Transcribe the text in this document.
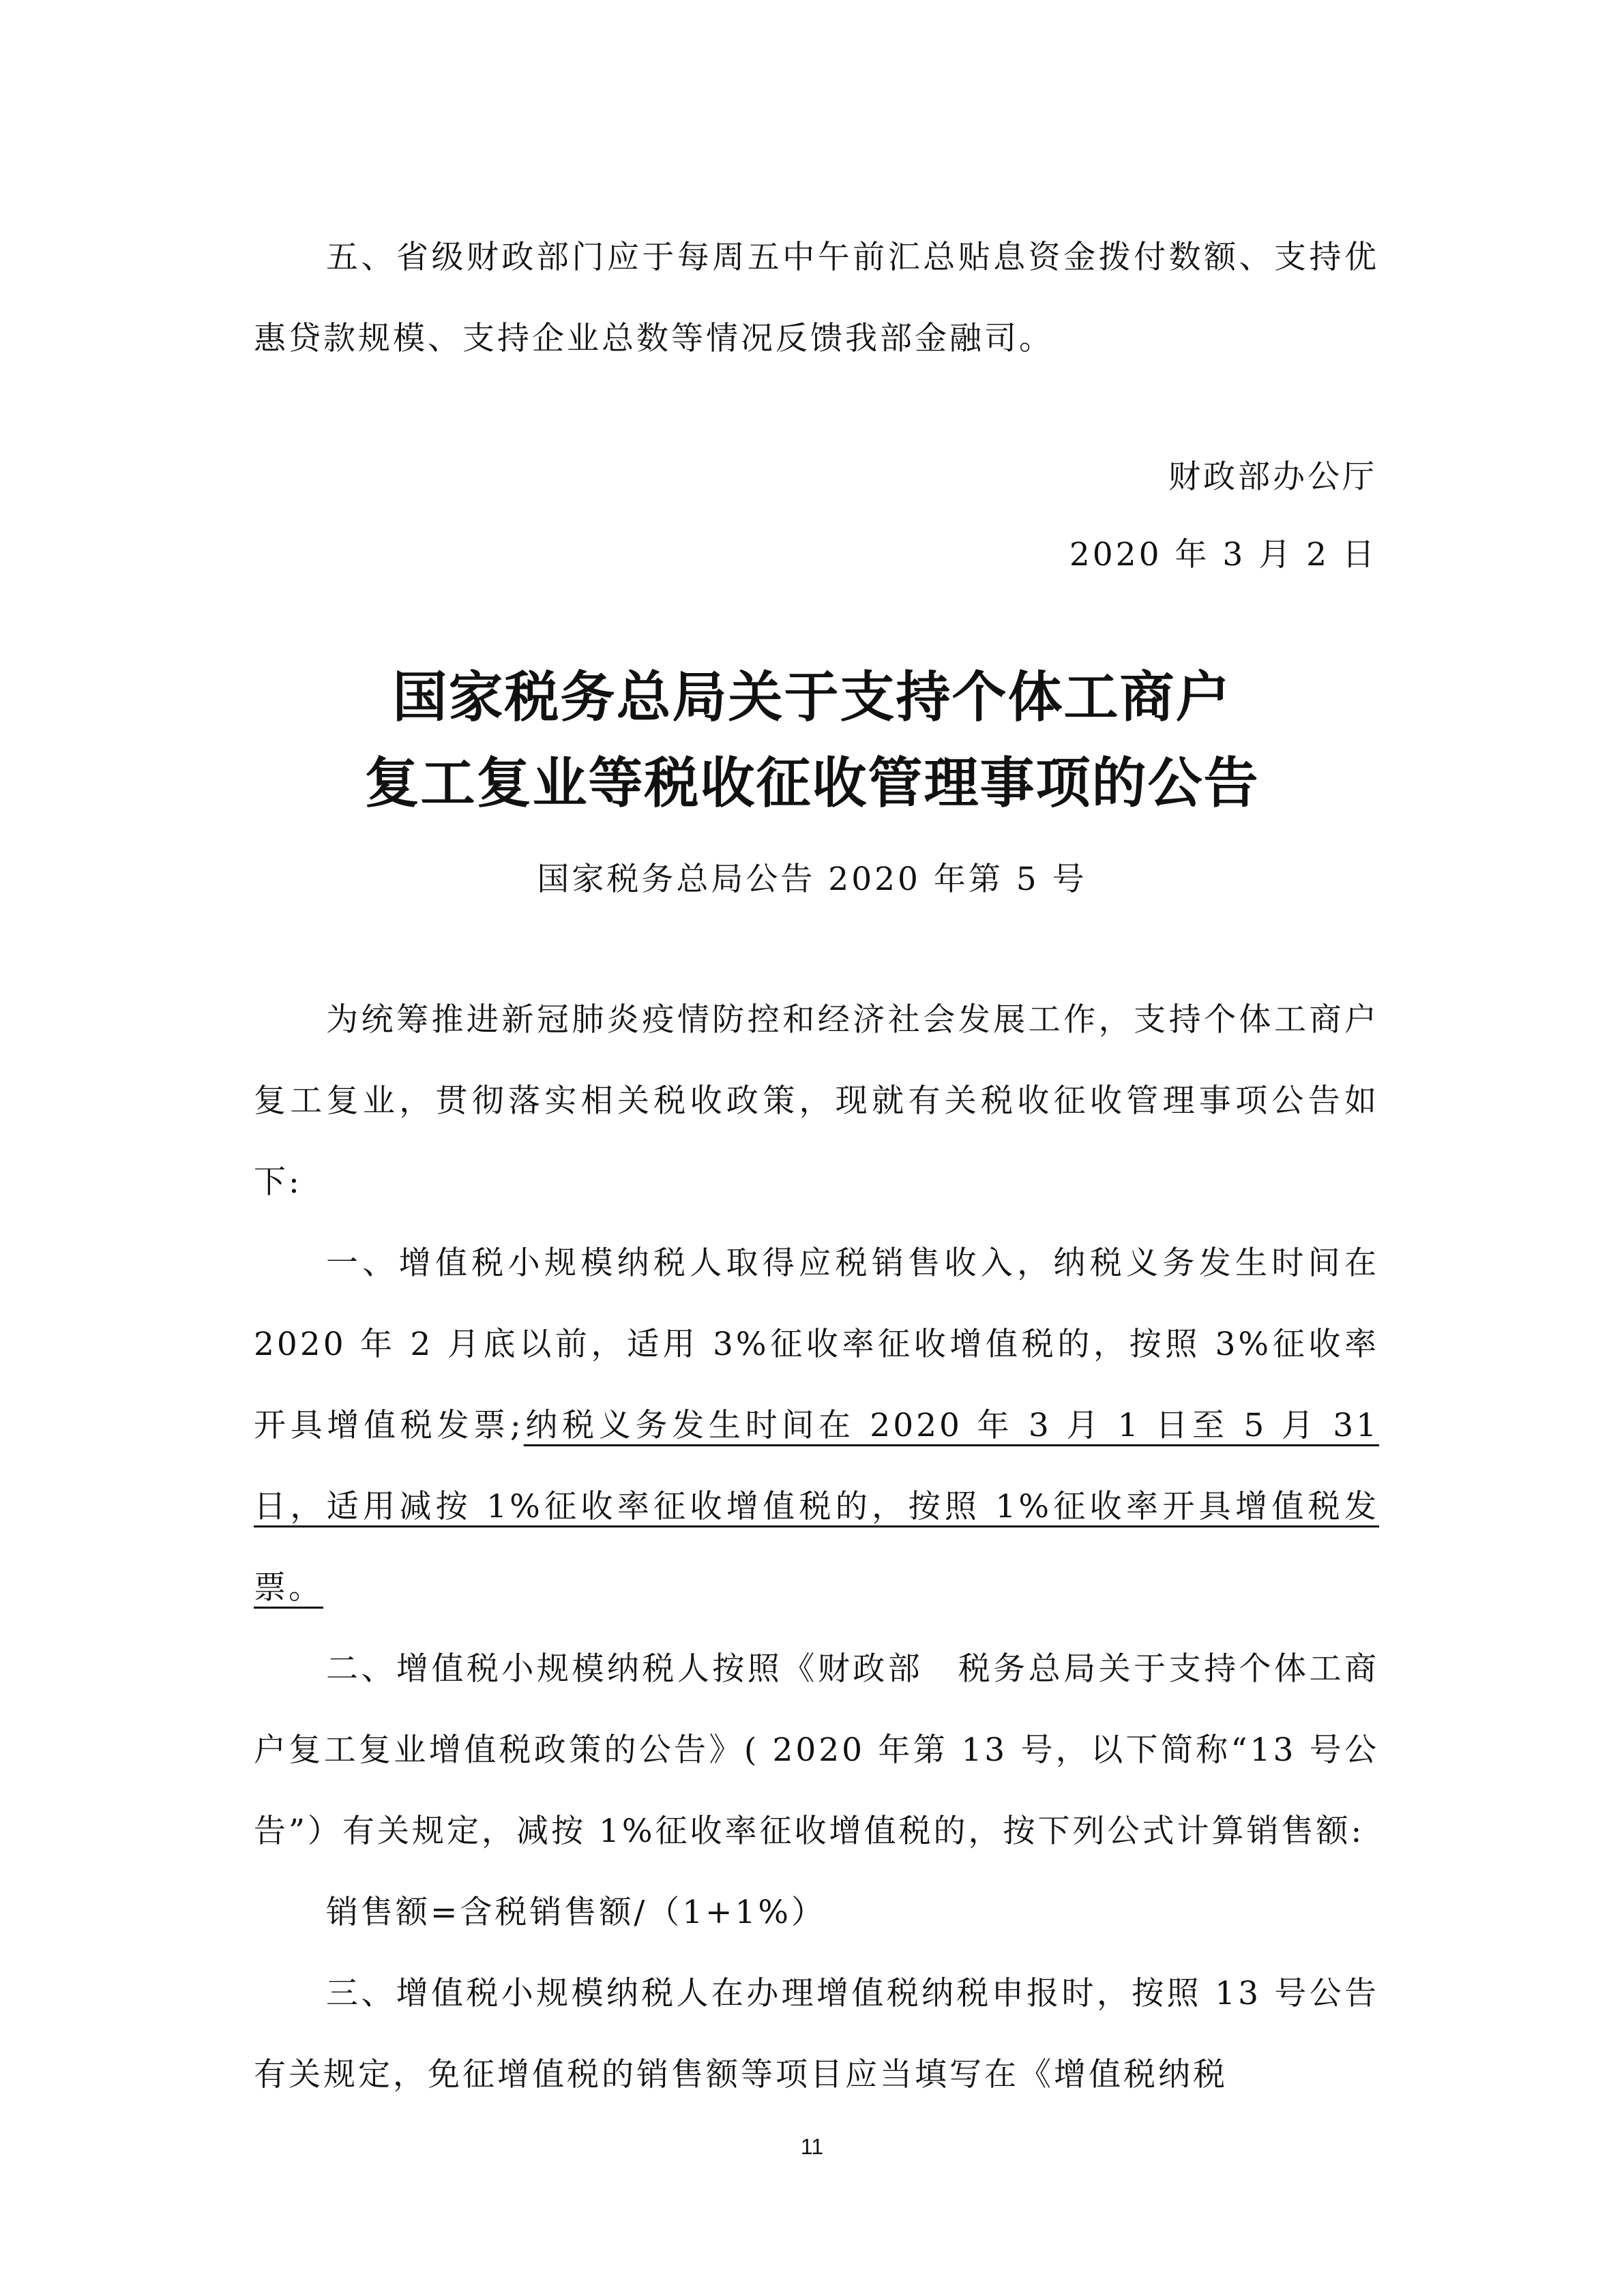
五、省级财政部门应于每周五中午前汇总贴息资金拨付数额、支持优惠贷款规模、支持企业总数等情况反馈我部金融司。

财政部办公厅

2020 年 3 月 2 日

国家税务总局关于支持个体工商户
复工复业等税收征收管理事项的公告

国家税务总局公告 2020 年第 5 号

为统筹推进新冠肺炎疫情防控和经济社会发展工作，支持个体工商户复工复业，贯彻落实相关税收政策，现就有关税收征收管理事项公告如下:

一、增值税小规模纳税人取得应税销售收入，纳税义务发生时间在 2020 年 2 月底以前，适用 3%征收率征收增值税的，按照 3%征收率开具增值税发票;纳税义务发生时间在 2020 年 3 月 1 日至 5 月 31 日，适用减按 1%征收率征收增值税的，按照 1%征收率开具增值税发票。

二、增值税小规模纳税人按照《财政部　税务总局关于支持个体工商户复工复业增值税政策的公告》( 2020 年第 13 号，以下简称“13 号公告”）有关规定，减按 1%征收率征收增值税的，按下列公式计算销售额:

销售额=含税销售额/（1+1%）

三、增值税小规模纳税人在办理增值税纳税申报时，按照 13 号公告有关规定，免征增值税的销售额等项目应当填写在《增值税纳税

11
